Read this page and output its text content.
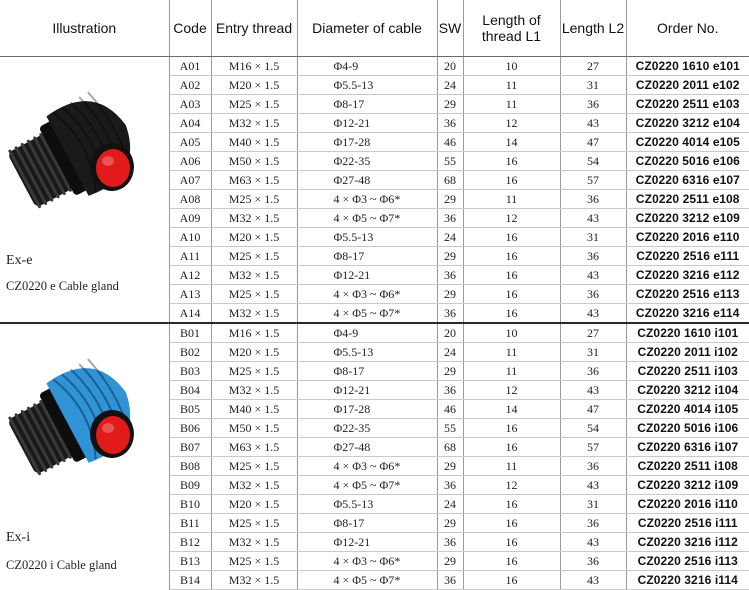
Illustration	Code	Entry thread	Diameter of cable	SW	Length of
thread L1	Length L2	Order No.

Ex-e
CZ0220 e Cable gland	A01	M16 × 1.5	Φ4-9	20	10	27	CZ0220 1610 e101
	A02	M20 × 1.5	Φ5.5-13	24	11	31	CZ0220 2011 e102
	A03	M25 × 1.5	Φ8-17	29	11	36	CZ0220 2511 e103
	A04	M32 × 1.5	Φ12-21	36	12	43	CZ0220 3212 e104
	A05	M40 × 1.5	Φ17-28	46	14	47	CZ0220 4014 e105
	A06	M50 × 1.5	Φ22-35	55	16	54	CZ0220 5016 e106
	A07	M63 × 1.5	Φ27-48	68	16	57	CZ0220 6316 e107
	A08	M25 × 1.5	4 × Φ3 ~ Φ6*	29	11	36	CZ0220 2511 e108
	A09	M32 × 1.5	4 × Φ5 ~ Φ7*	36	12	43	CZ0220 3212 e109
	A10	M20 × 1.5	Φ5.5-13	24	16	31	CZ0220 2016 e110
	A11	M25 × 1.5	Φ8-17	29	16	36	CZ0220 2516 e111
	A12	M32 × 1.5	Φ12-21	36	16	43	CZ0220 3216 e112
	A13	M25 × 1.5	4 × Φ3 ~ Φ6*	29	16	36	CZ0220 2516 e113
	A14	M32 × 1.5	4 × Φ5 ~ Φ7*	36	16	43	CZ0220 3216 e114

Ex-i
CZ0220 i Cable gland	B01	M16 × 1.5	Φ4-9	20	10	27	CZ0220 1610 i101
	B02	M20 × 1.5	Φ5.5-13	24	11	31	CZ0220 2011 i102
	B03	M25 × 1.5	Φ8-17	29	11	36	CZ0220 2511 i103
	B04	M32 × 1.5	Φ12-21	36	12	43	CZ0220 3212 i104
	B05	M40 × 1.5	Φ17-28	46	14	47	CZ0220 4014 i105
	B06	M50 × 1.5	Φ22-35	55	16	54	CZ0220 5016 i106
	B07	M63 × 1.5	Φ27-48	68	16	57	CZ0220 6316 i107
	B08	M25 × 1.5	4 × Φ3 ~ Φ6*	29	11	36	CZ0220 2511 i108
	B09	M32 × 1.5	4 × Φ5 ~ Φ7*	36	12	43	CZ0220 3212 i109
	B10	M20 × 1.5	Φ5.5-13	24	16	31	CZ0220 2016 i110
	B11	M25 × 1.5	Φ8-17	29	16	36	CZ0220 2516 i111
	B12	M32 × 1.5	Φ12-21	36	16	43	CZ0220 3216 i112
	B13	M25 × 1.5	4 × Φ3 ~ Φ6*	29	16	36	CZ0220 2516 i113
	B14	M32 × 1.5	4 × Φ5 ~ Φ7*	36	16	43	CZ0220 3216 i114
